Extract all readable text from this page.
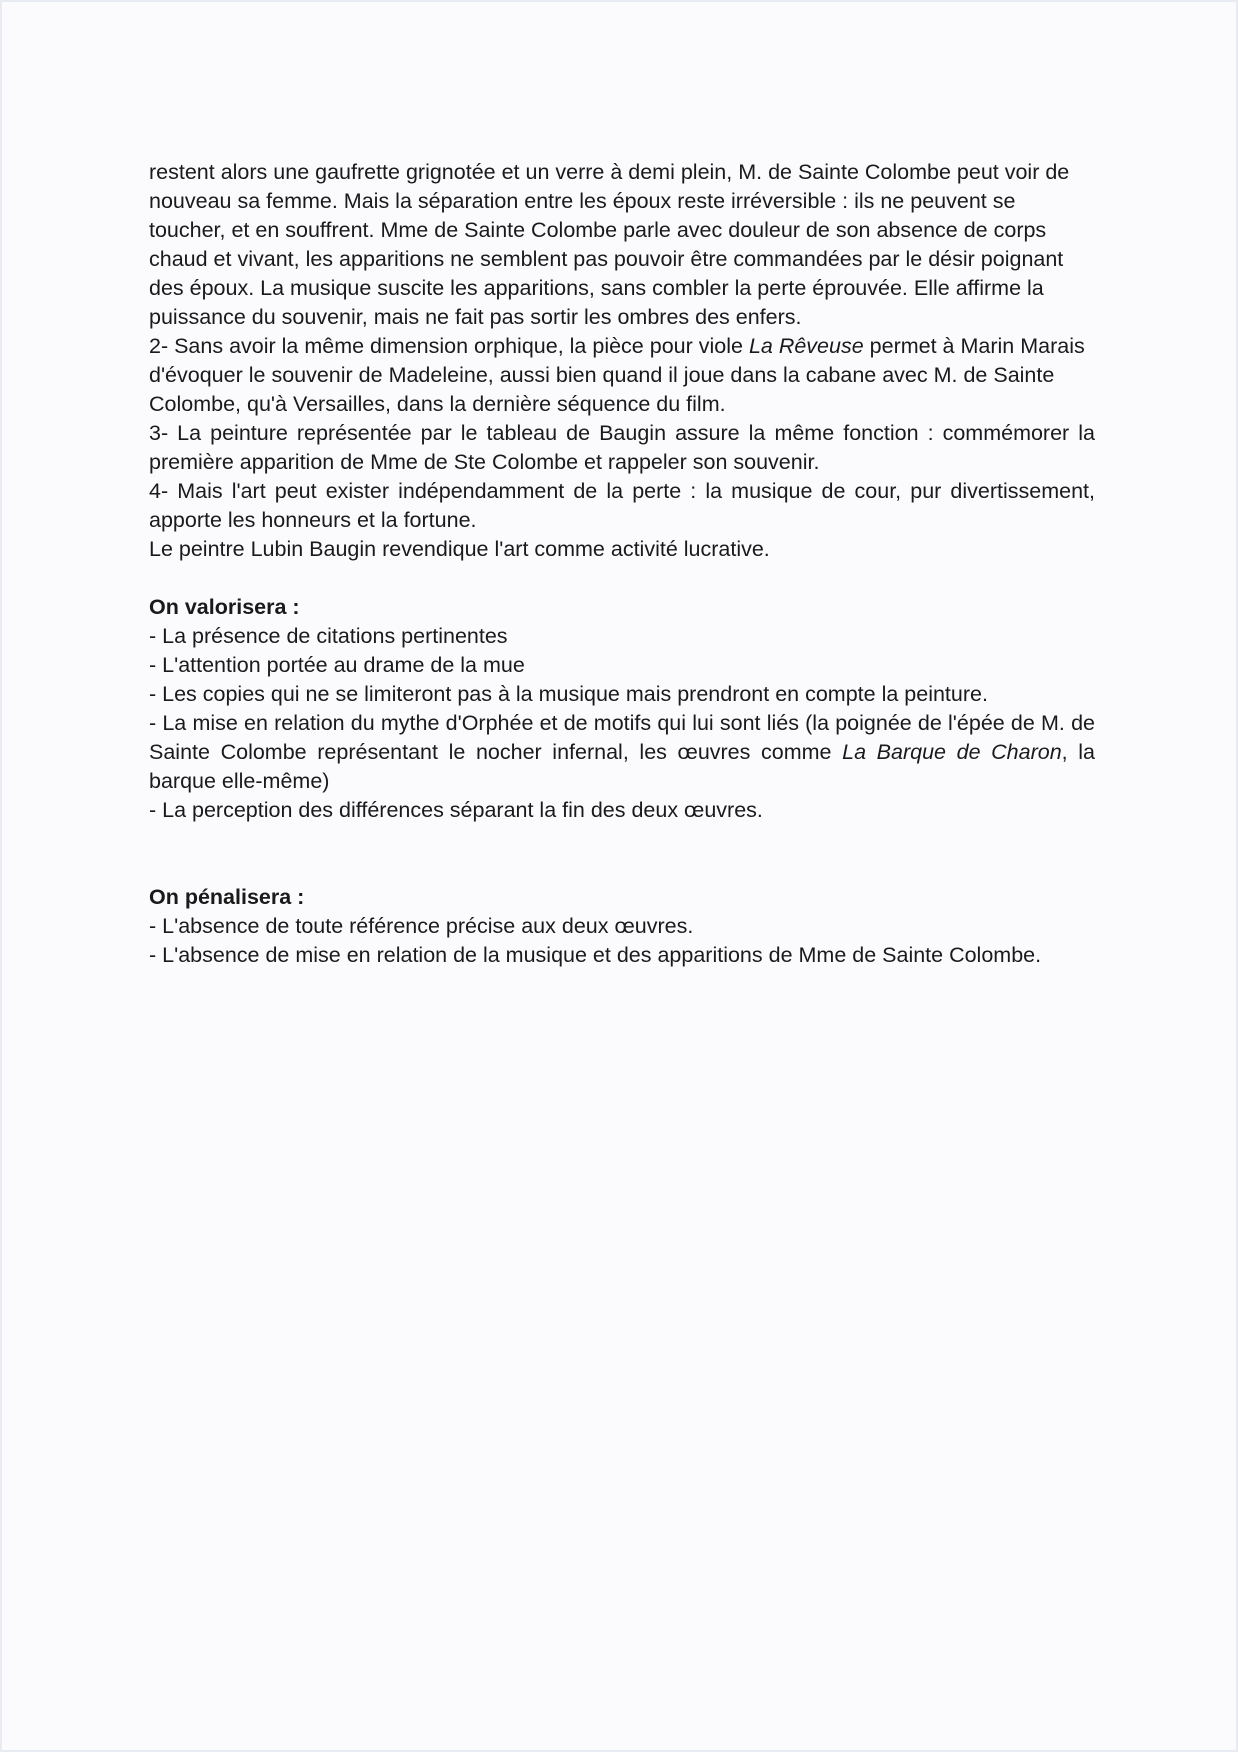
restent alors une gaufrette grignotée et un verre à demi plein, M. de Sainte Colombe peut voir de nouveau sa femme. Mais la séparation entre les époux reste irréversible : ils ne peuvent se toucher, et en souffrent. Mme de Sainte Colombe parle avec douleur de son absence de corps chaud et vivant, les apparitions ne semblent pas pouvoir être commandées par le désir poignant des époux. La musique suscite les apparitions, sans combler la perte éprouvée. Elle affirme la puissance du souvenir, mais ne fait pas sortir les ombres des enfers.

2- Sans avoir la même dimension orphique, la pièce pour viole La Rêveuse permet à Marin Marais d'évoquer le souvenir de Madeleine, aussi bien quand il joue dans la cabane avec M. de Sainte Colombe, qu'à Versailles, dans la dernière séquence du film.

3- La peinture représentée par le tableau de Baugin assure la même fonction : commémorer la première apparition de Mme de Ste Colombe et rappeler son souvenir.

4- Mais l'art peut exister indépendamment de la perte : la musique de cour, pur divertissement, apporte les honneurs et la fortune.

Le peintre Lubin Baugin revendique l'art comme activité lucrative.

On valorisera :

- La présence de citations pertinentes

- L'attention portée au drame de la mue

- Les copies qui ne se limiteront pas à la musique mais prendront en compte la peinture.

- La mise en relation du mythe d'Orphée et de motifs qui lui sont liés (la poignée de l'épée de M. de Sainte Colombe représentant le nocher infernal, les œuvres comme La Barque de Charon, la barque elle-même)

- La perception des différences séparant la fin des deux œuvres.

On pénalisera :

- L'absence de toute référence précise aux deux œuvres.

- L'absence de mise en relation de la musique et des apparitions de Mme de Sainte Colombe.
